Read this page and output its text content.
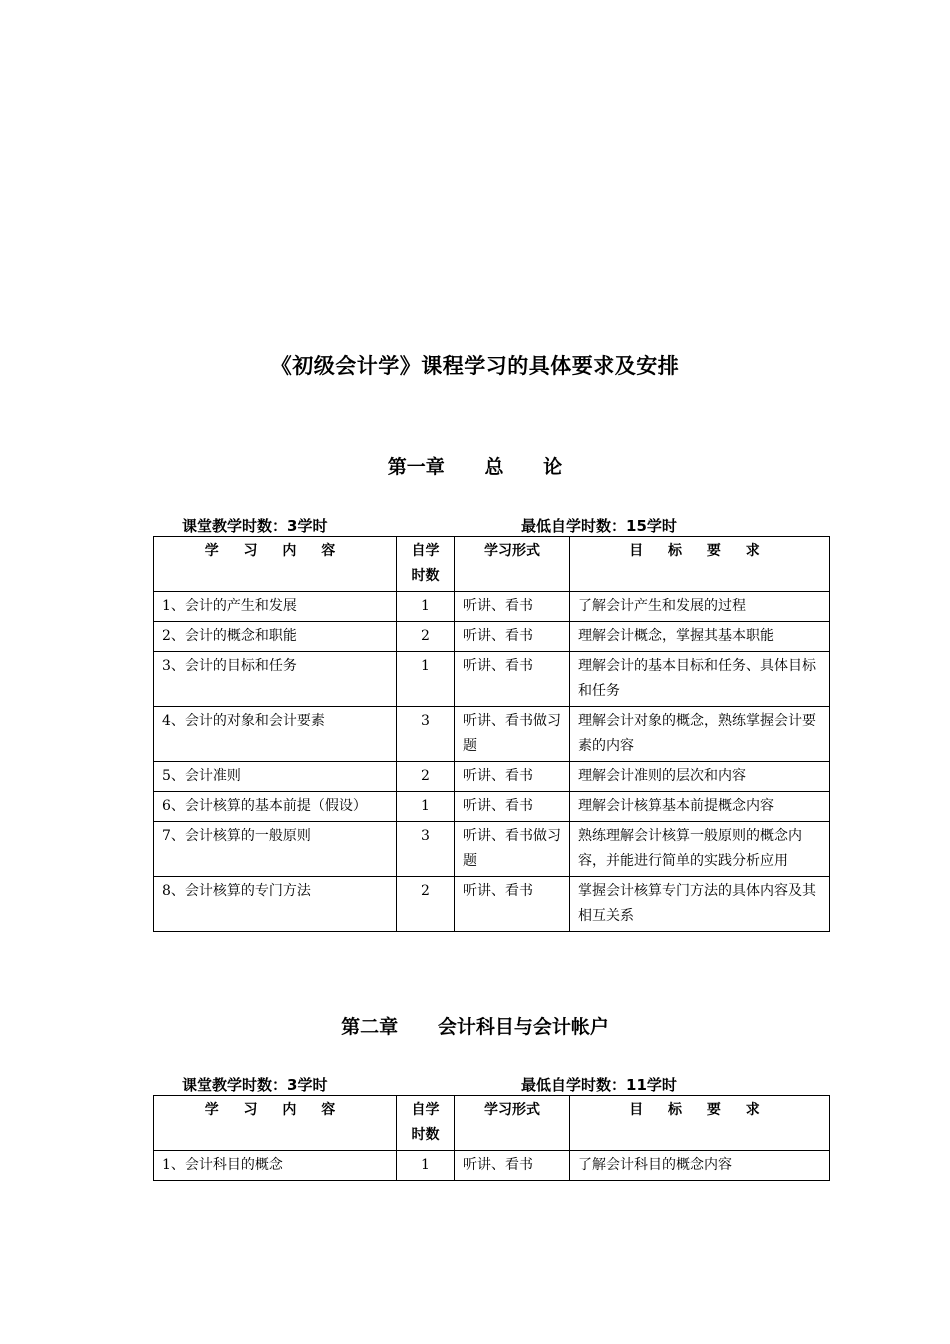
《初级会计学》课程学习的具体要求及安排
第一章      总      论
课堂教学时数：3学时	最低自学时数：15学时
学 习 内 容	自学时数	学习形式	目 标 要 求
1、会计的产生和发展	1	听讲、看书	了解会计产生和发展的过程
2、会计的概念和职能	2	听讲、看书	理解会计概念，掌握其基本职能
3、会计的目标和任务	1	听讲、看书	理解会计的基本目标和任务、具体目标和任务
4、会计的对象和会计要素	3	听讲、看书做习题	理解会计对象的概念，熟练掌握会计要素的内容
5、会计准则	2	听讲、看书	理解会计准则的层次和内容
6、会计核算的基本前提（假设）	1	听讲、看书	理解会计核算基本前提概念内容
7、会计核算的一般原则	3	听讲、看书做习题	熟练理解会计核算一般原则的概念内容，并能进行简单的实践分析应用
8、会计核算的专门方法	2	听讲、看书	掌握会计核算专门方法的具体内容及其相互关系
第二章      会计科目与会计帐户
课堂教学时数：3学时	最低自学时数：11学时
学 习 内 容	自学时数	学习形式	目 标 要 求
1、会计科目的概念	1	听讲、看书	了解会计科目的概念内容
